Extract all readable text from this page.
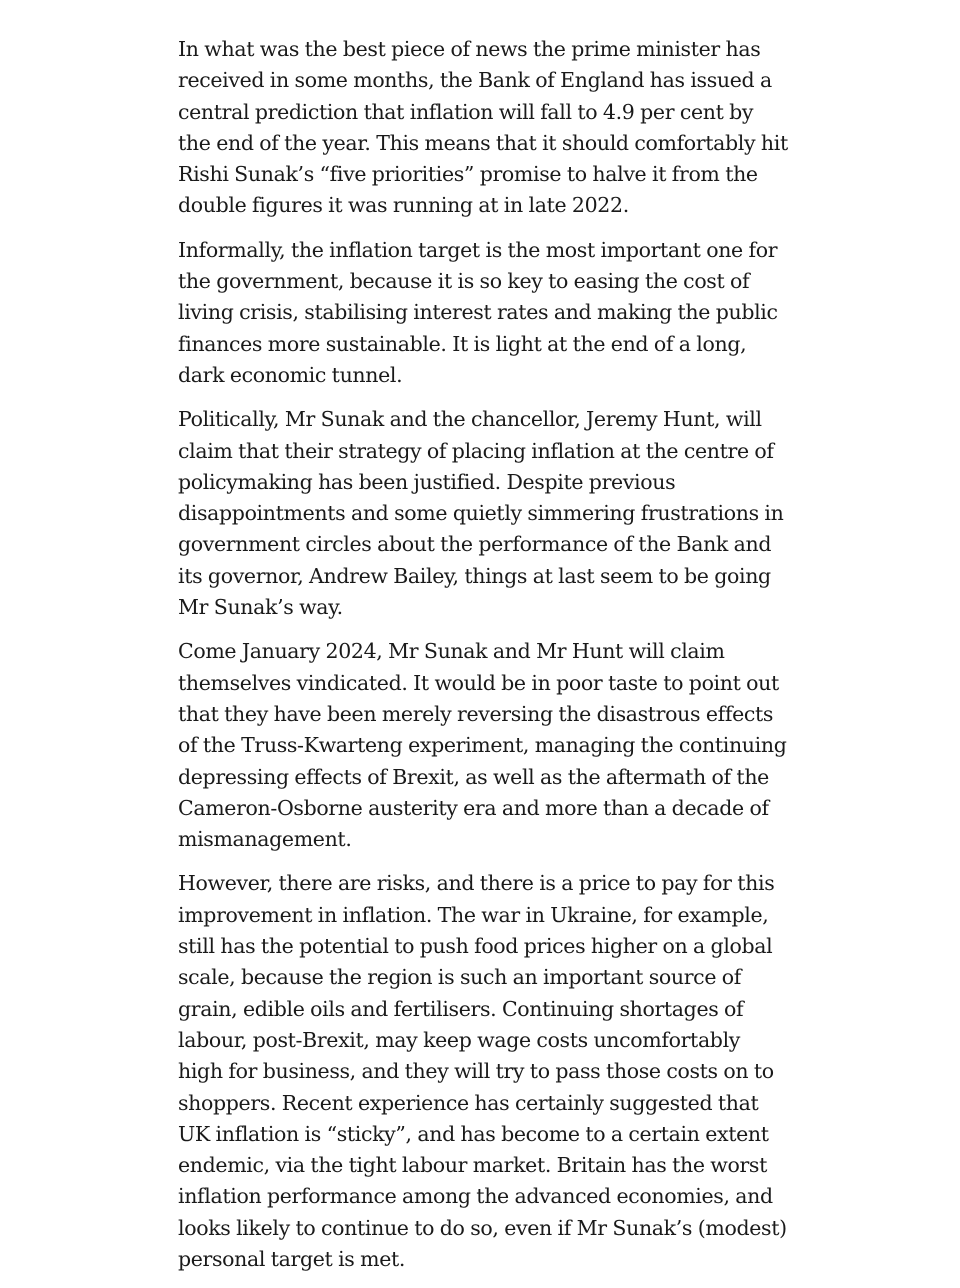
In what was the best piece of news the prime minister has received in some months, the Bank of England has issued a central prediction that inflation will fall to 4.9 per cent by the end of the year. This means that it should comfortably hit Rishi Sunak’s “five priorities” promise to halve it from the double figures it was running at in late 2022.

Informally, the inflation target is the most important one for the government, because it is so key to easing the cost of living crisis, stabilising interest rates and making the public finances more sustainable. It is light at the end of a long, dark economic tunnel.

Politically, Mr Sunak and the chancellor, Jeremy Hunt, will claim that their strategy of placing inflation at the centre of policymaking has been justified. Despite previous disappointments and some quietly simmering frustrations in government circles about the performance of the Bank and its governor, Andrew Bailey, things at last seem to be going Mr Sunak’s way.

Come January 2024, Mr Sunak and Mr Hunt will claim themselves vindicated. It would be in poor taste to point out that they have been merely reversing the disastrous effects of the Truss-Kwarteng experiment, managing the continuing depressing effects of Brexit, as well as the aftermath of the Cameron-Osborne austerity era and more than a decade of mismanagement.

However, there are risks, and there is a price to pay for this improvement in inflation. The war in Ukraine, for example, still has the potential to push food prices higher on a global scale, because the region is such an important source of grain, edible oils and fertilisers. Continuing shortages of labour, post-Brexit, may keep wage costs uncomfortably high for business, and they will try to pass those costs on to shoppers. Recent experience has certainly suggested that UK inflation is “sticky”, and has become to a certain extent endemic, via the tight labour market. Britain has the worst inflation performance among the advanced economies, and looks likely to continue to do so, even if Mr Sunak’s (modest) personal target is met.
